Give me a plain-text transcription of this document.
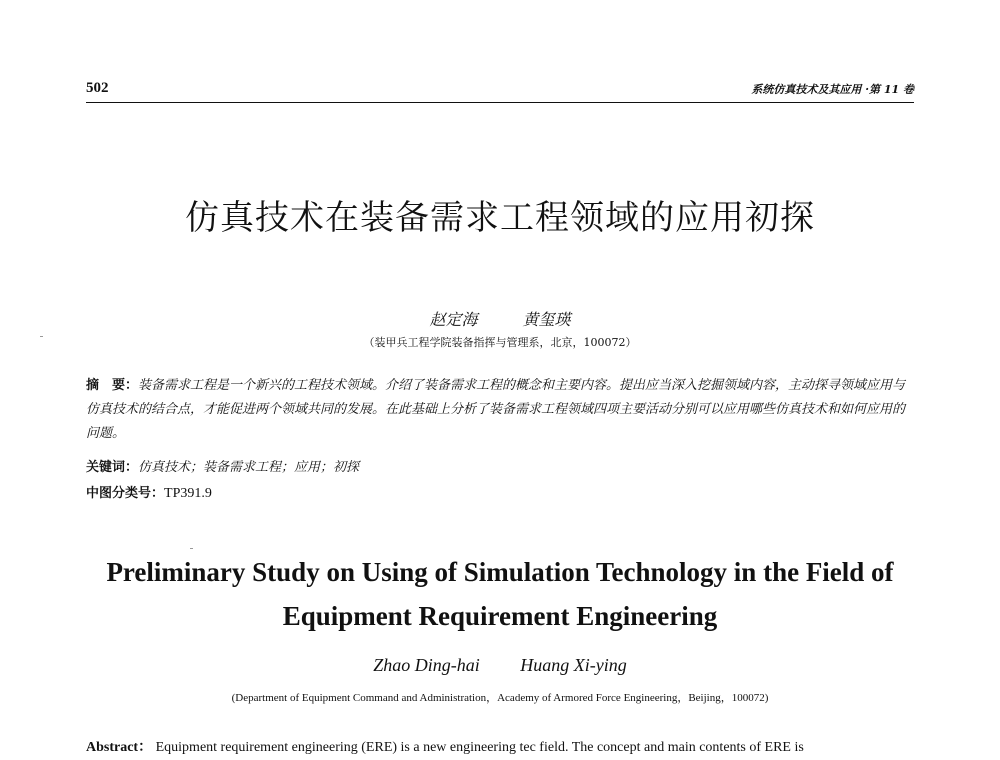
502	系统仿真技术及其应用 ·第 11 卷
仿真技术在装备需求工程领域的应用初探
赵定海	黄玺瑛
（装甲兵工程学院装备指挥与管理系，北京，100072）
摘　要：装备需求工程是一个新兴的工程技术领域。介绍了装备需求工程的概念和主要内容。提出应当深入挖掘领域内容，主动探寻领域应用与仿真技术的结合点，才能促进两个领域共同的发展。在此基础上分析了装备需求工程领域四项主要活动分别可以应用哪些仿真技术和如何应用的问题。
关键词：仿真技术；装备需求工程；应用；初探
中图分类号：TP391.9
Preliminary Study on Using of Simulation Technology in the Field of
Equipment Requirement Engineering
Zhao Ding-hai Huang Xi-ying
(Department of Equipment Command and Administration，Academy of Armored Force Engineering，Beijing，100072)
Abstract： Equipment requirement engineering (ERE) is a new engineering tec field. The concept and main contents of ERE is
